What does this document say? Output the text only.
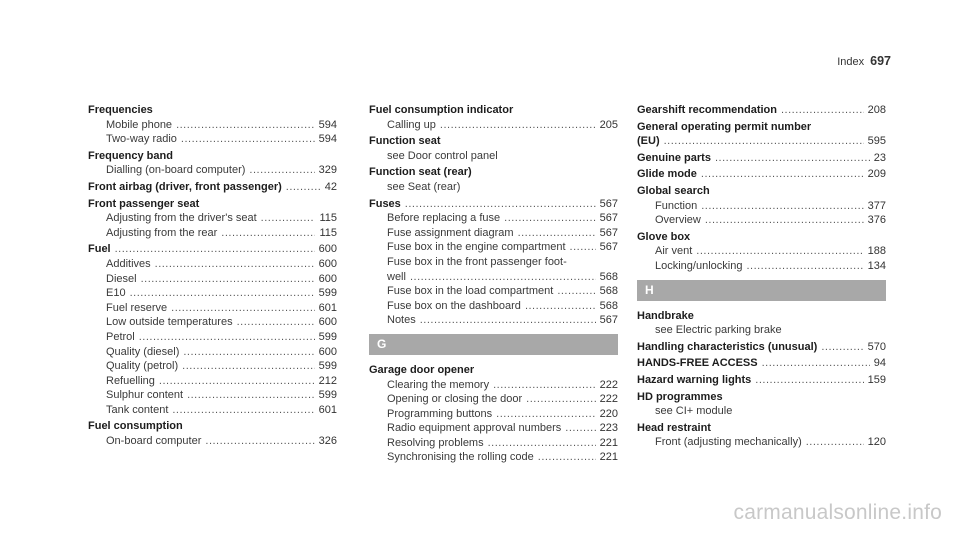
Index 697
Frequencies
Mobile phone .....	594
Two-way radio .....	594
Frequency band
Dialling (on-board computer) .....	329
Front airbag (driver, front passenger) .....	42
Front passenger seat
Adjusting from the driver's seat .....	115
Adjusting from the rear .....	115
Fuel .....	600
Additives .....	600
Diesel .....	600
E10 .....	599
Fuel reserve .....	601
Low outside temperatures .....	600
Petrol .....	599
Quality (diesel) .....	600
Quality (petrol) .....	599
Refuelling .....	212
Sulphur content .....	599
Tank content .....	601
Fuel consumption
On-board computer .....	326
Fuel consumption indicator
Calling up .....	205
Function seat
see Door control panel
Function seat (rear)
see Seat (rear)
Fuses .....	567
Before replacing a fuse .....	567
Fuse assignment diagram .....	567
Fuse box in the engine compartment .....	567
Fuse box in the front passenger foot-
well .....	568
Fuse box in the load compartment .....	568
Fuse box on the dashboard .....	568
Notes .....	567
G
Garage door opener
Clearing the memory .....	222
Opening or closing the door .....	222
Programming buttons .....	220
Radio equipment approval numbers .....	223
Resolving problems .....	221
Synchronising the rolling code .....	221
Gearshift recommendation .....	208
General operating permit number
(EU) .....	595
Genuine parts .....	23
Glide mode .....	209
Global search
Function .....	377
Overview .....	376
Glove box
Air vent .....	188
Locking/unlocking .....	134
H
Handbrake
see Electric parking brake
Handling characteristics (unusual) .....	570
HANDS-FREE ACCESS .....	94
Hazard warning lights .....	159
HD programmes
see CI+ module
Head restraint
Front (adjusting mechanically) .....	120
carmanualsonline.info
